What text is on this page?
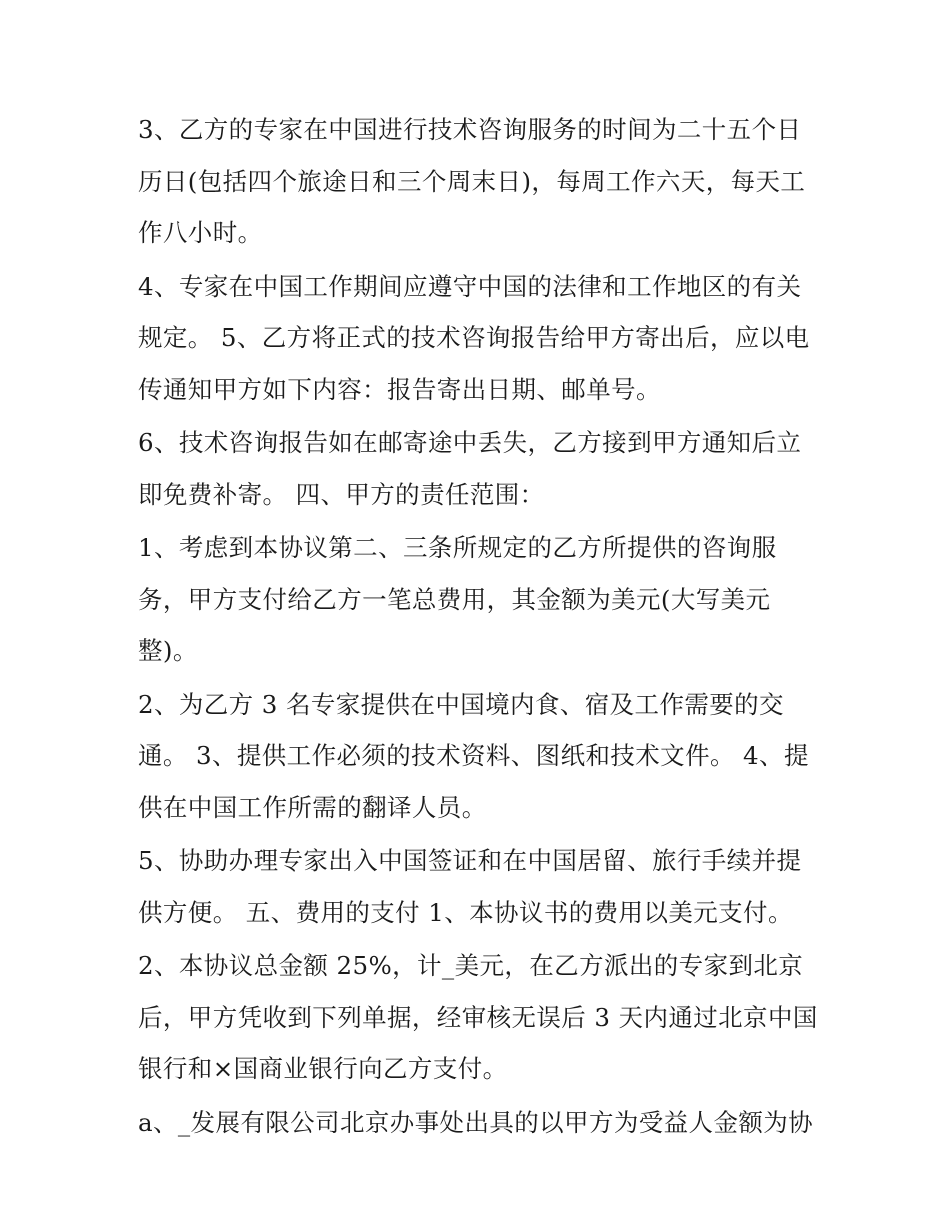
3、乙方的专家在中国进行技术咨询服务的时间为二十五个日
历日(包括四个旅途日和三个周末日)，每周工作六天，每天工
作八小时。
4、专家在中国工作期间应遵守中国的法律和工作地区的有关
规定。 5、乙方将正式的技术咨询报告给甲方寄出后，应以电
传通知甲方如下内容：报告寄出日期、邮单号。
6、技术咨询报告如在邮寄途中丢失，乙方接到甲方通知后立
即免费补寄。 四、甲方的责任范围：
1、考虑到本协议第二、三条所规定的乙方所提供的咨询服
务，甲方支付给乙方一笔总费用，其金额为美元(大写美元
整)。
2、为乙方 3 名专家提供在中国境内食、宿及工作需要的交
通。 3、提供工作必须的技术资料、图纸和技术文件。 4、提
供在中国工作所需的翻译人员。
5、协助办理专家出入中国签证和在中国居留、旅行手续并提
供方便。 五、费用的支付 1、本协议书的费用以美元支付。
2、本协议总金额 25%，计_美元，在乙方派出的专家到北京
后，甲方凭收到下列单据，经审核无误后 3 天内通过北京中国
银行和×国商业银行向乙方支付。
a、_发展有限公司北京办事处出具的以甲方为受益人金额为协
